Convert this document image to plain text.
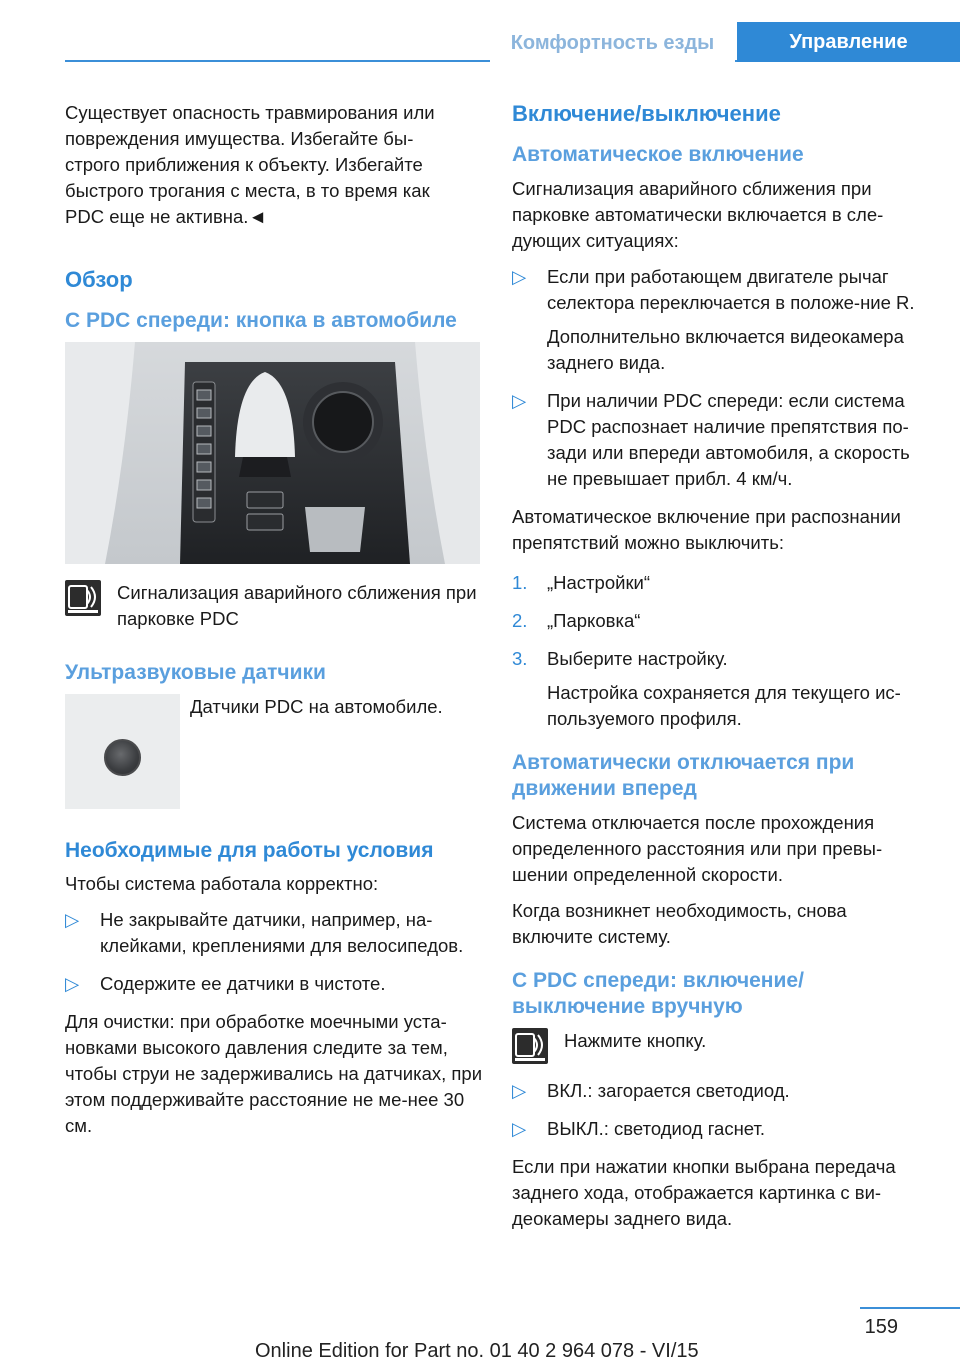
Комфортность езды	Управление

Существует опасность травмирования или
повреждения имущества. Избегайте бы-
строго приближения к объекту. Избегайте
быстрого трогания с места, в то время как
PDC еще не активна.◄

Обзор
С PDC спереди: кнопка в автомобиле

Сигнализация аварийного сближения при парковке PDC

Ультразвуковые датчики

Датчики PDC на автомобиле.

Необходимые для работы условия

Чтобы система работала корректно:

▷ Не закрывайте датчики, например, на-клейками, креплениями для велосипедов.
▷ Содержите ее датчики в чистоте.

Для очистки: при обработке моечными уста-новками высокого давления следите за тем, чтобы струи не задерживались на датчиках, при этом поддерживайте расстояние не ме-нее 30 см.

Включение/выключение
Автоматическое включение

Сигнализация аварийного сближения при парковке автоматически включается в сле-дующих ситуациях:

▷ Если при работающем двигателе рычаг селектора переключается в положе-ние R.
Дополнительно включается видеокамера заднего вида.
▷ При наличии PDC спереди: если система PDC распознает наличие препятствия по-зади или впереди автомобиля, а скорость не превышает прибл. 4 км/ч.

Автоматическое включение при распознании препятствий можно выключить:

1. „Настройки“
2. „Парковка“
3. Выберите настройку.
Настройка сохраняется для текущего ис-пользуемого профиля.
Автоматически отключается при движении вперед

Система отключается после прохождения определенного расстояния или при превы-шении определенной скорости.

Когда возникнет необходимость, снова включите систему.

С PDC спереди: включение/ выключение вручную

Нажмите кнопку.

▷ ВКЛ.: загорается светодиод.
▷ ВЫКЛ.: светодиод гаснет.

Если при нажатии кнопки выбрана передача заднего хода, отображается картинка с ви-деокамеры заднего вида.

159
Online Edition for Part no. 01 40 2 964 078 - VI/15
